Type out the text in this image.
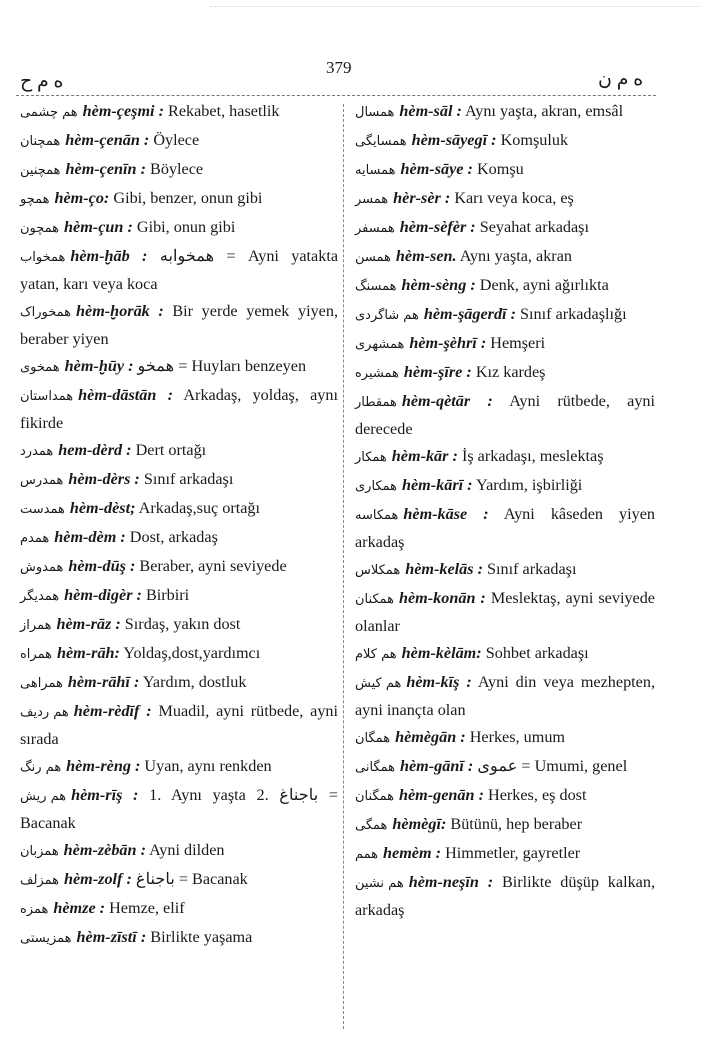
ه م ح
379
ه م ن
هم چشمی hèm-çeşmi : Rekabet, hasetlik
همچنان hèm-çenān : Öylece
همچنین hèm-çenīn : Böylece
همچو hèm-ço: Gibi, benzer, onun gibi
همچون hèm-çun : Gibi, onun gibi
همخواب hèm-ḫāb : همخوابه = Ayni yatakta yatan, karı veya koca
همخوراک hèm-ḫorāk : Bir yerde yemek yiyen, beraber yiyen
همخوی hèm-ḫūy : همخو = Huyları benzeyen
همداستان hèm-dāstān : Arkadaş, yoldaş, aynı fikirde
همدرد hem-dèrd : Dert ortağı
همدرس hèm-dèrs : Sınıf arkadaşı
همدست hèm-dèst; Arkadaş,suç ortağı
همدم hèm-dèm : Dost, arkadaş
همدوش hèm-dūş : Beraber, ayni seviyede
همدیگر hèm-digèr : Birbiri
همراز hèm-rāz : Sırdaş, yakın dost
همراه hèm-rāh: Yoldaş,dost,yardımcı
همراهی hèm-rāhī : Yardım, dostluk
هم ردیف hèm-rèdīf : Muadil, ayni rütbede, ayni sırada
هم رنگ hèm-rèng : Uyan, aynı renkden
هم ریش hèm-rīş : 1. Aynı yaşta 2. باجناغ = Bacanak
همزبان hèm-zèbān : Ayni dilden
همزلف hèm-zolf : باجناغ = Bacanak
همزه hèmze : Hemze, elif
همزیستی hèm-zīstī : Birlikte yaşama
همسال hèm-sāl : Aynı yaşta, akran, emsâl
همسایگی hèm-sāyegī : Komşuluk
همسایه hèm-sāye : Komşu
همسر hèr-sèr : Karı veya koca, eş
همسفر hèm-sèfèr : Seyahat arkadaşı
همسن hèm-sen. Aynı yaşta, akran
همسنگ hèm-sèng : Denk, ayni ağırlıkta
هم شاگردی hèm-şāgerdī : Sınıf arkadaşlığı
همشهری hèm-şèhrī : Hemşeri
همشیره hèm-şīre : Kız kardeş
همقطار hèm-qètār : Ayni rütbede, ayni derecede
همکار hèm-kār : İş arkadaşı, meslektaş
همکاری hèm-kārī : Yardım, işbirliği
همکاسه hèm-kāse : Ayni kâseden yiyen arkadaş
همکلاس hèm-kelās : Sınıf arkadaşı
همکنان hèm-konān : Meslektaş, ayni seviyede olanlar
هم کلام hèm-kèlām: Sohbet arkadaşı
هم کیش hèm-kīş : Ayni din veya mezhepten, ayni inançta olan
همگان hèmègān : Herkes, umum
همگانی hèm-gānī : عموی = Umumi, genel
همگنان hèm-genān : Herkes, eş dost
همگی hèmègī: Bütünü, hep beraber
همم hemèm : Himmetler, gayretler
هم نشین hèm-neşīn : Birlikte düşüp kalkan, arkadaş
